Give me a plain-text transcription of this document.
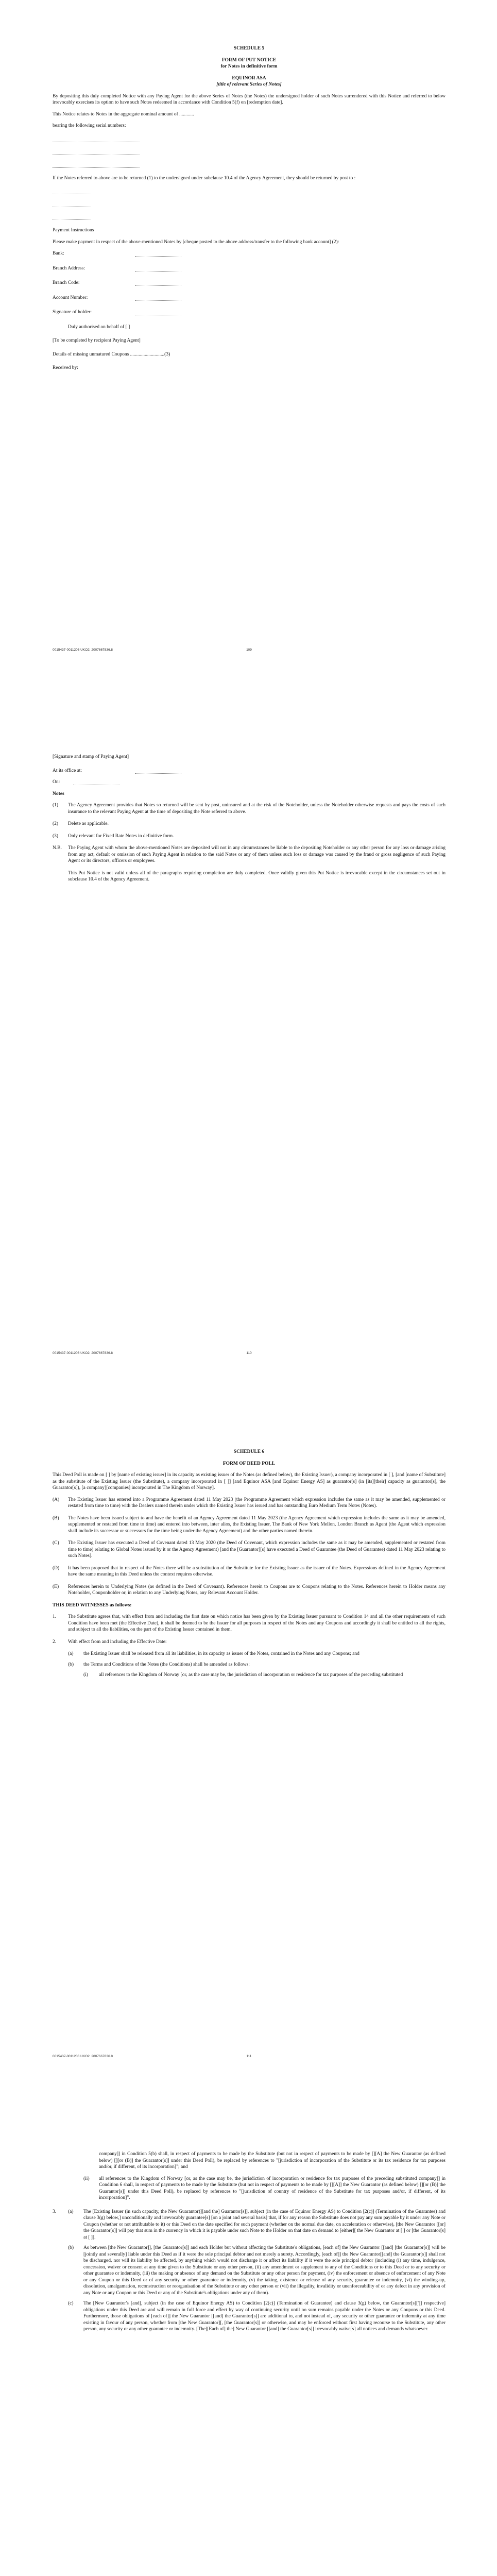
SCHEDULE 5

FORM OF PUT NOTICE

for Notes in definitive form

EQUINOR ASA

[title of relevant Series of Notes]

By depositing this duly completed Notice with any Paying Agent for the above Series of Notes (the Notes) the undersigned holder of such Notes surrendered with this Notice and referred to below irrevocably exercises its option to have such Notes redeemed in accordance with Condition 5(f) on [redemption date].

This Notice relates to Notes in the aggregate nominal amount of ............

bearing the following serial numbers:

If the Notes referred to above are to be returned (1) to the undersigned under subclause 10.4 of the Agency Agreement, they should be returned by post to :

Payment Instructions

Please make payment in respect of the above-mentioned Notes by [cheque posted to the above address/transfer to the following bank account] (2):

Bank:
Branch Address:
Branch Code:
Account Number:
Signature of holder:

Duly authorised on behalf of [ ]

[To be completed by recipient Paying Agent]

Details of missing unmatured Coupons ............................(3)

Received by:

0015437-0011206 UKO2: 2007667836.8	109

[Signature and stamp of Paying Agent]

At its office at:
On:

Notes

(1)	The Agency Agreement provides that Notes so returned will be sent by post, uninsured and at the risk of the Noteholder, unless the Noteholder otherwise requests and pays the costs of such insurance to the relevant Paying Agent at the time of depositing the Note referred to above.

(2)	Delete as applicable.

(3)	Only relevant for Fixed Rate Notes in definitive form.

N.B.	The Paying Agent with whom the above-mentioned Notes are deposited will not in any circumstances be liable to the depositing Noteholder or any other person for any loss or damage arising from any act, default or omission of such Paying Agent in relation to the said Notes or any of them unless such loss or damage was caused by the fraud or gross negligence of such Paying Agent or its directors, officers or employees.

This Put Notice is not valid unless all of the paragraphs requiring completion are duly completed. Once validly given this Put Notice is irrevocable except in the circumstances set out in subclause 10.4 of the Agency Agreement.

0015437-0011206 UKO2: 2007667836.8	110

SCHEDULE 6

FORM OF DEED POLL

This Deed Poll is made on [ ] by [name of existing issuer] in its capacity as existing issuer of the Notes (as defined below), the Existing Issuer), a company incorporated in [ ], [and [name of Substitute] as the substitute of the Existing Issuer (the Substitute), a company incorporated in [ ]] [and Equinor ASA [and Equinor Energy AS] as guarantor[s] (in [its][their] capacity as guarantor[s], the Guarantor[s]), [a company][companies] incorporated in The Kingdom of Norway].

(A)	The Existing Issuer has entered into a Programme Agreement dated 11 May 2023 (the Programme Agreement which expression includes the same as it may be amended, supplemented or restated from time to time) with the Dealers named therein under which the Existing Issuer has issued and has outstanding Euro Medium Term Notes (Notes).

(B)	The Notes have been issued subject to and have the benefit of an Agency Agreement dated 11 May 2023 (the Agency Agreement which expression includes the same as it may be amended, supplemented or restated from time to time) and entered into between, inter alios, the Existing Issuer, The Bank of New York Mellon, London Branch as Agent (the Agent which expression shall include its successor or successors for the time being under the Agency Agreement) and the other parties named therein.

(C)	The Existing Issuer has executed a Deed of Covenant dated 13 May 2020 (the Deed of Covenant, which expression includes the same as it may be amended, supplemented or restated from time to time) relating to Global Notes issued by it or the Agency Agreement) [and the [Guarantor][s] have executed a Deed of Guarantee (the Deed of Guarantee) dated 11 May 2023 relating to such Notes].

(D)	It has been proposed that in respect of the Notes there will be a substitution of the Substitute for the Existing Issuer as the issuer of the Notes. Expressions defined in the Agency Agreement have the same meaning in this Deed unless the context requires otherwise.

(E)	References herein to Underlying Notes (as defined in the Deed of Covenant). References herein to Coupons are to Coupons relating to the Notes. References herein to Holder means any Noteholder, Couponholder or, in relation to any Underlying Notes, any Relevant Account Holder.

THIS DEED WITNESSES as follows:

1.	The Substitute agrees that, with effect from and including the first date on which notice has been given by the Existing Issuer pursuant to Condition 14 and all the other requirements of such Condition have been met (the Effective Date), it shall be deemed to be the Issuer for all purposes in respect of the Notes and any Coupons and accordingly it shall be entitled to all the rights, and subject to all the liabilities, on the part of the Existing Issuer contained in them.

2.	With effect from and including the Effective Date:

(a)	the Existing Issuer shall be released from all its liabilities, in its capacity as issuer of the Notes, contained in the Notes and any Coupons; and

(b)	the Terms and Conditions of the Notes (the Conditions) shall be amended as follows:

(i)	all references to the Kingdom of Norway [or, as the case may be, the jurisdiction of incorporation or residence for tax purposes of the preceding substituted

0015437-0011206 UKO2: 2007667836.8	111

company]] in Condition 5(b) shall, in respect of payments to be made by the Substitute (but not in respect of payments to be made by [][A] the New Guarantor (as defined below) [][or (B)] the Guarantor[s]] under this Deed Poll), be replaced by references to "[jurisdiction of incorporation of the Substitute or its tax residence for tax purposes and/or, if different, of its incorporation]"; and

(ii)	all references to the Kingdom of Norway [or, as the case may be, the jurisdiction of incorporation or residence for tax purposes of the preceding substituted company]] in Condition 6 shall, in respect of payments to be made by the Substitute (but not in respect of payments to be made by [][A]] the New Guarantor (as defined below) [][or (B)] the Guarantor[s]] under this Deed Poll), be replaced by references to "[jurisdiction of country of residence of the Substitute for tax purposes and/or, if different, of its incorporation]".

3.	(a)	The [Existing Issuer (in such capacity, the New Guarantor)][and the] Guarantor[s]], subject (in the case of Equinor Energy AS) to Condition [2(c)] (Termination of the Guarantee) and clause 3(g) below,] unconditionally and irrevocably guarantee[s] [on a joint and several basis] that, if for any reason the Substitute does not pay any sum payable by it under any Note or Coupon (whether or not attributable to it) or this Deed on the date specified for such payment (whether on the normal due date, on acceleration or otherwise), [the New Guarantor [[or] the Guarantor[s]] will pay that sum in the currency in which it is payable under such Note to the Holder on that date on demand to [either][ the New Guarantor at [ ] or [the Guarantor[s] at [ ]].

(b)	As between [the New Guarantor]], [the Guarantor[s]] and each Holder but without affecting the Substitute's obligations, [each of] the New Guarantor [[and] [the Guarantor[s]] will be [jointly and severally] liable under this Deed as if it were the sole principal debtor and not merely a surety. Accordingly, [each of]] the New Guarantor[[and] the Guarantor[s]] shall not be discharged, nor will its liability be affected, by anything which would not discharge it or affect its liability if it were the sole principal debtor (including (i) any time, indulgence, concession, waiver or consent at any time given to the Substitute or any other person, (ii) any amendment or supplement to any of the Conditions or to this Deed or to any security or other guarantee or indemnity, (iii) the making or absence of any demand on the Substitute or any other person for payment, (iv) the enforcement or absence of enforcement of any Note or any Coupon or this Deed or of any security or other guarantee or indemnity, (v) the taking, existence or release of any security, guarantee or indemnity, (vi) the winding-up, dissolution, amalgamation, reconstruction or reorganisation of the Substitute or any other person or (vii) the illegality, invalidity or unenforceability of or any defect in any provision of any Note or any Coupon or this Deed or any of the Substitute's obligations under any of them).

(c)	The [New Guarantor's [and], subject (in the case of Equinor Energy AS) to Condition [2(c)] (Termination of Guarantee) and clause 3(g) below, the Guarantor[s][']] respective] obligations under this Deed are and will remain in full force and effect by way of continuing security until no sum remains payable under the Notes or any Coupons or this Deed. Furthermore, those obligations of [each of]] the New Guarantor [[and] the Guarantor[s]] are additional to, and not instead of, any security or other guarantee or indemnity at any time existing in favour of any person, whether from [the New Guarantor][, [the Guarantor[s]] or otherwise, and may be enforced without first having recourse to the Substitute, any other person, any security or any other guarantee or indemnity. [The][Each of] the] New Guarantor [[and] the Guarantor[s]] irrevocably waive[s] all notices and demands whatsoever.
